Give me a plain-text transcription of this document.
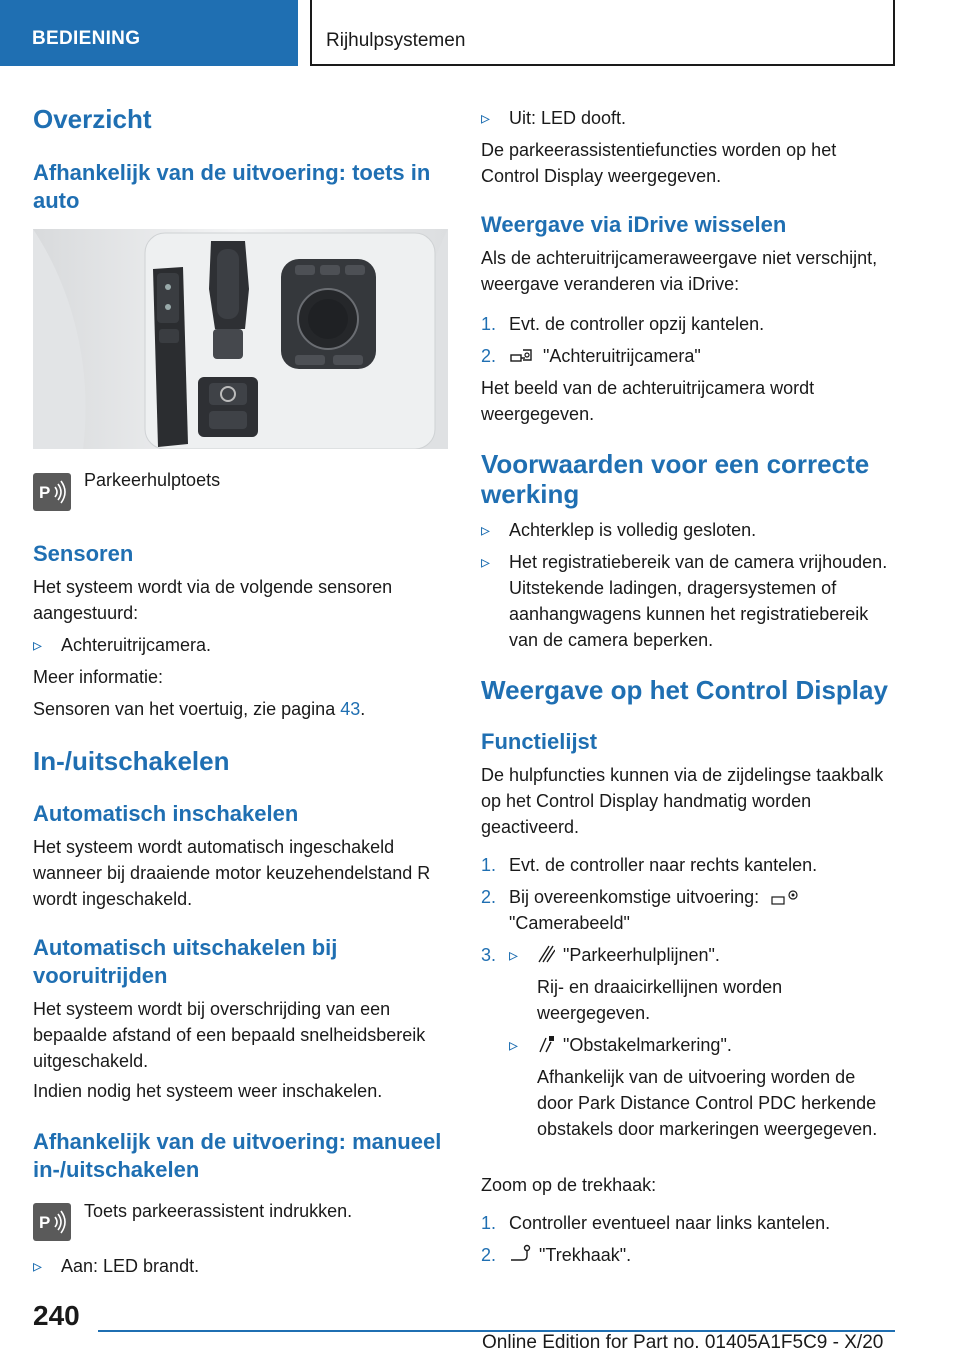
BEDIENING	Rijhulpsystemen
Overzicht
Afhankelijk van de uitvoering: toets in auto
P
Parkeerhulptoets
Sensoren
Het systeem wordt via de volgende sensoren aangestuurd:
▹	Achteruitrijcamera.
Meer informatie:
Sensoren van het voertuig, zie pagina 43.
In-/uitschakelen
Automatisch inschakelen
Het systeem wordt automatisch ingeschakeld wanneer bij draaiende motor keuzehendelstand R wordt ingeschakeld.
Automatisch uitschakelen bij vooruitrijden
Het systeem wordt bij overschrijding van een bepaalde afstand of een bepaald snelheidsbereik uitgeschakeld.
Indien nodig het systeem weer inschakelen.
Afhankelijk van de uitvoering: manueel in-/uitschakelen
P
Toets parkeerassistent indrukken.
▹	Aan: LED brandt.
▹	Uit: LED dooft.
De parkeerassistentiefuncties worden op het Control Display weergegeven.
Weergave via iDrive wisselen
Als de achteruitrijcameraweergave niet verschijnt, weergave veranderen via iDrive:
1. Evt. de controller opzij kantelen.
2.	"Achteruitrijcamera"
Het beeld van de achteruitrijcamera wordt weergegeven.
Voorwaarden voor een correcte werking
▹	Achterklep is volledig gesloten.
▹	Het registratiebereik van de camera vrijhouden. Uitstekende ladingen, dragersystemen of aanhangwagens kunnen het registratiebereik van de camera beperken.
Weergave op het Control Display
Functielijst
De hulpfuncties kunnen via de zijdelingse taakbalk op het Control Display handmatig worden geactiveerd.
1. Evt. de controller naar rechts kantelen.
2. Bij overeenkomstige uitvoering:
"Camerabeeld"
3. ▹	"Parkeerhulplijnen".
Rij- en draaicirkellijnen worden weergegeven.
▹	"Obstakelmarkering".
Afhankelijk van de uitvoering worden de door Park Distance Control PDC herkende obstakels door markeringen weergegeven.
Zoom op de trekhaak:
1. Controller eventueel naar links kantelen.
2.	"Trekhaak".
240
Online Edition for Part no. 01405A1F5C9 - X/20
